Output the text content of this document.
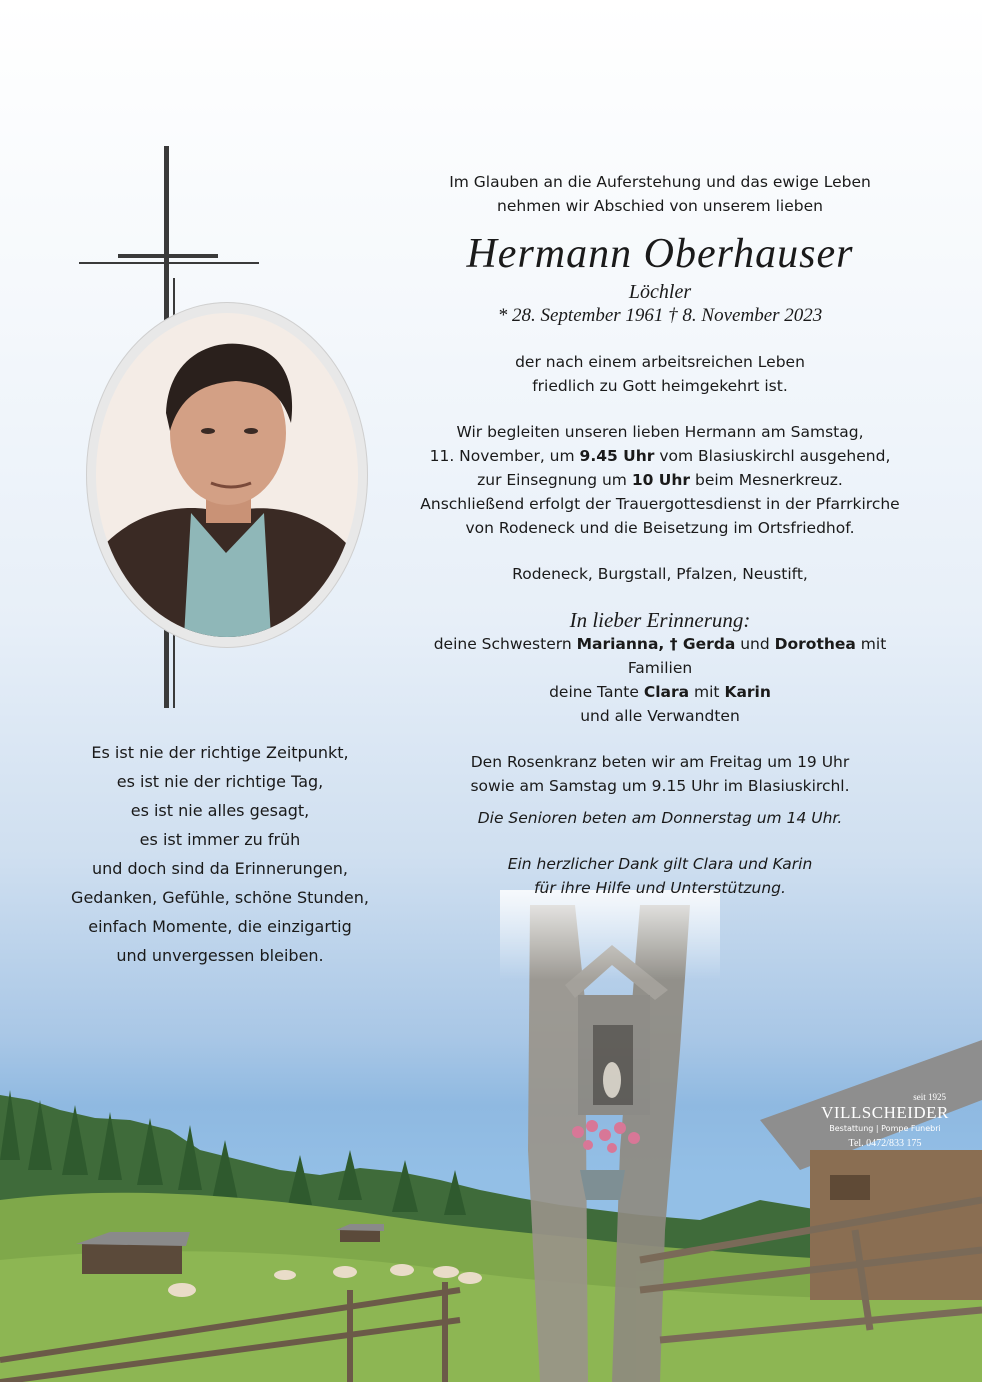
Im Glauben an die Auferstehung und das ewige Leben

nehmen wir Abschied von unserem lieben

Hermann Oberhauser

Löchler

* 28. September 1961 † 8. November 2023

der nach einem arbeitsreichen Leben

friedlich zu Gott heimgekehrt ist.

Wir begleiten unseren lieben Hermann am Samstag,

11. November, um 9.45 Uhr vom Blasiuskirchl ausgehend,

zur Einsegnung um 10 Uhr beim Mesnerkreuz.

Anschließend erfolgt der Trauergottesdienst in der Pfarrkirche

von Rodeneck und die Beisetzung im Ortsfriedhof.

Rodeneck, Burgstall, Pfalzen, Neustift,

In lieber Erinnerung:

deine Schwestern Marianna, † Gerda und Dorothea mit Familien

deine Tante Clara mit Karin

und alle Verwandten

Den Rosenkranz beten wir am Freitag um 19 Uhr

sowie am Samstag um 9.15 Uhr im Blasiuskirchl.

Die Senioren beten am Donnerstag um 14 Uhr.

Ein herzlicher Dank gilt Clara und Karin

für ihre Hilfe und Unterstützung.

Es ist nie der richtige Zeitpunkt,

es ist nie der richtige Tag,

es ist nie alles gesagt,

es ist immer zu früh

und doch sind da Erinnerungen,

Gedanken, Gefühle, schöne Stunden,

einfach Momente, die einzigartig

und unvergessen bleiben.

seit 1925
VILLSCHEIDER
Bestattung | Pompe Funebri
Tel. 0472/833 175
